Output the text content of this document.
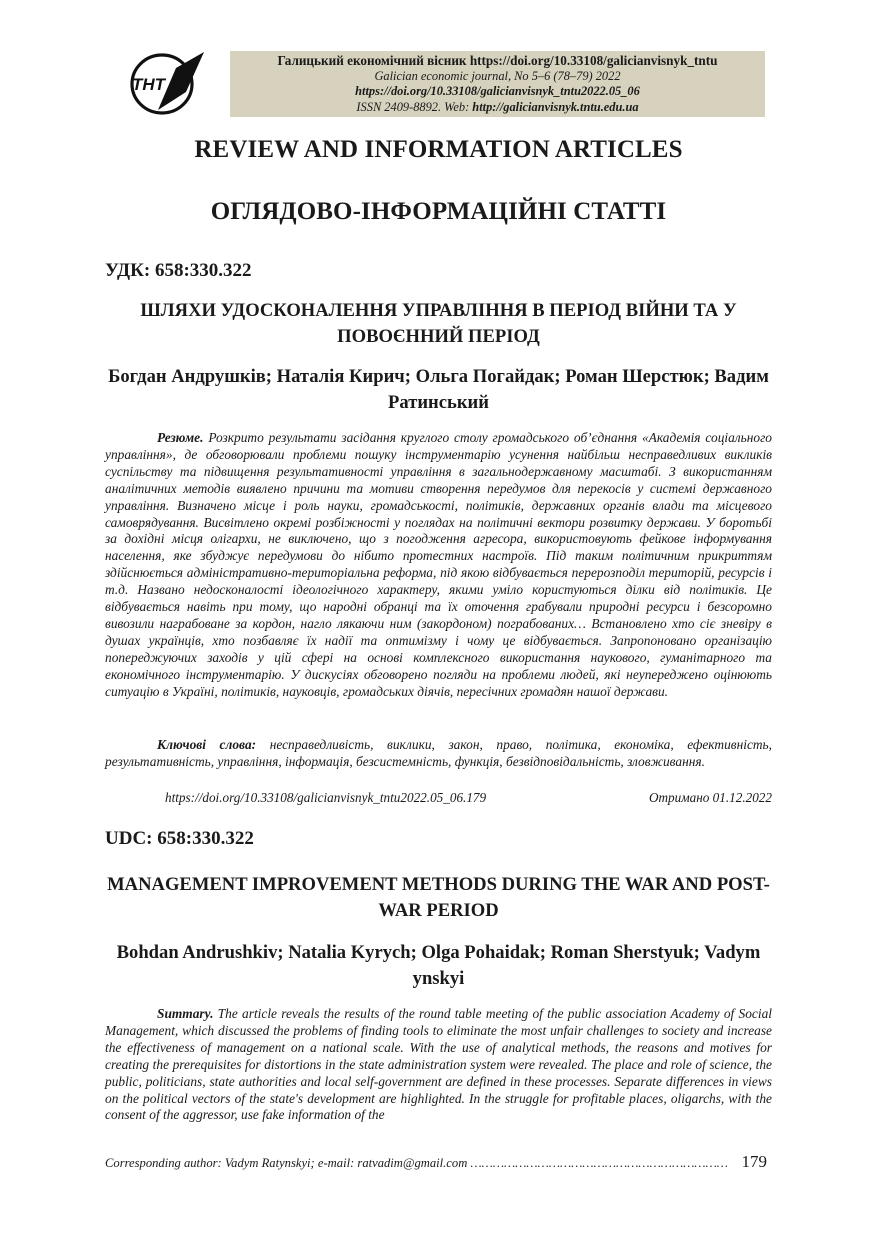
ТНТ
Галицький економічний вісник https://doi.org/10.33108/galicianvisnyk_tntu
Galician economic journal, No 5–6 (78–79) 2022
https://doi.org/10.33108/galicianvisnyk_tntu2022.05_06
ISSN 2409-8892. Web: http://galicianvisnyk.tntu.edu.ua
REVIEW AND INFORMATION ARTICLES
ОГЛЯДОВО-ІНФОРМАЦІЙНІ СТАТТІ
УДК: 658:330.322
ШЛЯХИ УДОСКОНАЛЕННЯ УПРАВЛІННЯ В ПЕРІОД ВІЙНИ ТА У ПОВОЄННИЙ ПЕРІОД
Богдан Андрушків; Наталія Кирич; Ольга Погайдак; Роман Шерстюк; Вадим Ратинський
Резюме. Розкрито результати засідання круглого столу громадського об’єднання «Академія соціального управління», де обговорювали проблеми пошуку інструментарію усунення найбільш несправедливих викликів суспільству та підвищення результативності управління в загальнодержавному масштабі. З використанням аналітичних методів виявлено причини та мотиви створення передумов для перекосів у системі державного управління. Визначено місце і роль науки, громадськості, політиків, державних органів влади та місцевого самоврядування. Висвітлено окремі розбіжності у поглядах на політичні вектори розвитку держави. У боротьбі за дохідні місця олігархи, не виключено, що з погодження агресора, використовують фейкове інформування населення, яке збуджує передумови до нібито протестних настроїв. Під таким політичним прикриттям здійснюється адміністративно-територіальна реформа, під якою відбувається перерозподіл територій, ресурсів і т.д. Названо недосконалості ідеологічного характеру, якими уміло користуються ділки від політиків. Це відбувається навіть при тому, що народні обранці та їх оточення грабували природні ресурси і безсоромно вивозили награбоване за кордон, нагло лякаючи ним (закордоном) пограбованих… Встановлено хто сіє зневіру в душах українців, хто позбавляє їх надії та оптимізму і чому це відбувається. Запропоновано організацію попереджуючих заходів у цій сфері на основі комплексного використання наукового, гуманітарного та економічного інструментарію. У дискусіях обговорено погляди на проблеми людей, які неупереджено оцінюють ситуацію в Україні, політиків, науковців, громадських діячів, пересічних громадян нашої держави.
Ключові слова: несправедливість, виклики, закон, право, політика, економіка, ефективність, результативність, управління, інформація, безсистемність, функція, безвідповідальність, зловживання.
https://doi.org/10.33108/galicianvisnyk_tntu2022.05_06.179	Отримано 01.12.2022
UDC: 658:330.322
MANAGEMENT IMPROVEMENT METHODS DURING THE WAR AND POST-WAR PERIOD
Bohdan Andrushkiv; Natalia Kyrych; Olga Pohaidak; Roman Sherstyuk; Vadym ynskyi
Summary. The article reveals the results of the round table meeting of the public association Academy of Social Management, which discussed the problems of finding tools to eliminate the most unfair challenges to society and increase the effectiveness of management on a national scale. With the use of analytical methods, the reasons and motives for creating the prerequisites for distortions in the state administration system were revealed. The place and role of science, the public, politicians, state authorities and local self-government are defined in these processes. Separate differences in views on the political vectors of the state's development are highlighted. In the struggle for profitable places, oligarchs, with the consent of the aggressor, use fake information of the
Corresponding author: Vadym Ratynskyi; e-mail: ratvadim@gmail.com …………………………………………………………… 179
